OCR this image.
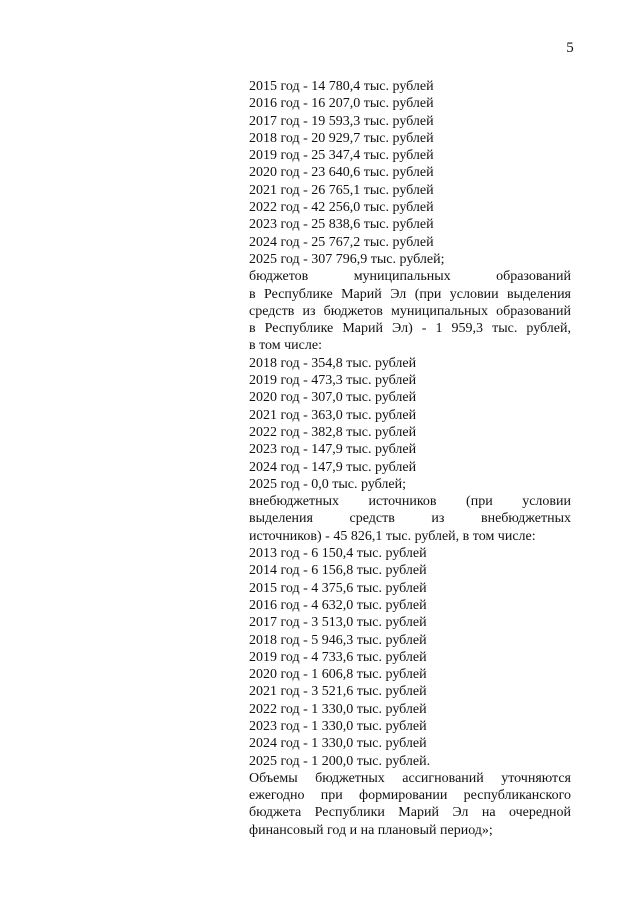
5
2015 год - 14 780,4 тыс. рублей
2016 год - 16 207,0 тыс. рублей
2017 год - 19 593,3 тыс. рублей
2018 год - 20 929,7 тыс. рублей
2019 год - 25 347,4 тыс. рублей
2020 год - 23 640,6 тыс. рублей
2021 год - 26 765,1 тыс. рублей
2022 год - 42 256,0 тыс. рублей
2023 год - 25 838,6 тыс. рублей
2024 год - 25 767,2 тыс. рублей
2025 год - 307 796,9 тыс. рублей;
бюджетов муниципальных образований
в Республике Марий Эл (при условии выделения
средств из бюджетов муниципальных образований
в Республике Марий Эл) - 1 959,3 тыс. рублей,
в том числе:
2018 год - 354,8 тыс. рублей
2019 год - 473,3 тыс. рублей
2020 год - 307,0 тыс. рублей
2021 год - 363,0 тыс. рублей
2022 год - 382,8 тыс. рублей
2023 год - 147,9 тыс. рублей
2024 год - 147,9 тыс. рублей
2025 год - 0,0 тыс. рублей;
внебюджетных источников (при условии
выделения средств из внебюджетных
источников) - 45 826,1 тыс. рублей, в том числе:
2013 год - 6 150,4 тыс. рублей
2014 год - 6 156,8 тыс. рублей
2015 год - 4 375,6 тыс. рублей
2016 год - 4 632,0 тыс. рублей
2017 год - 3 513,0 тыс. рублей
2018 год - 5 946,3 тыс. рублей
2019 год - 4 733,6 тыс. рублей
2020 год - 1 606,8 тыс. рублей
2021 год - 3 521,6 тыс. рублей
2022 год - 1 330,0 тыс. рублей
2023 год - 1 330,0 тыс. рублей
2024 год - 1 330,0 тыс. рублей
2025 год - 1 200,0 тыс. рублей.
Объемы бюджетных ассигнований уточняются
ежегодно при формировании республиканского
бюджета Республики Марий Эл на очередной
финансовый год и на плановый период»;
